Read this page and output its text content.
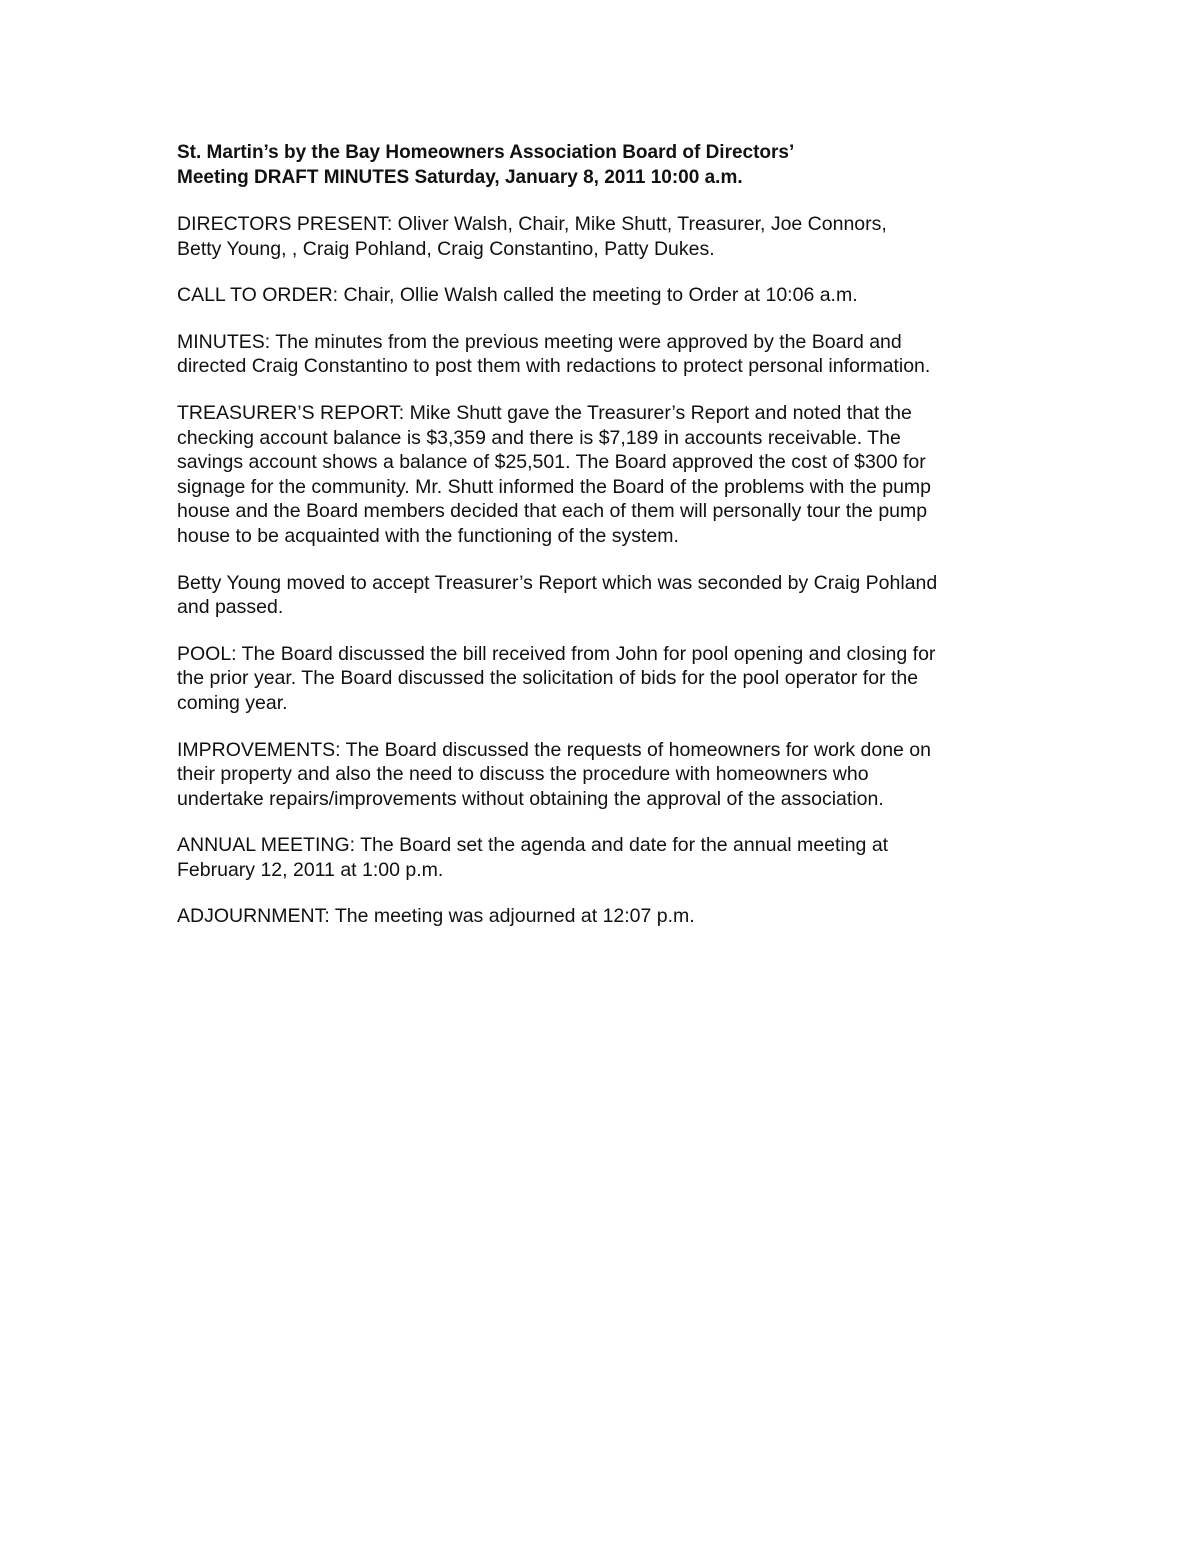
St. Martin’s by the Bay Homeowners Association Board of Directors’
Meeting DRAFT MINUTES Saturday, January 8, 2011 10:00 a.m.

DIRECTORS PRESENT: Oliver Walsh, Chair, Mike Shutt, Treasurer, Joe Connors,
Betty Young, , Craig Pohland, Craig Constantino, Patty Dukes.

CALL TO ORDER: Chair, Ollie Walsh called the meeting to Order at 10:06 a.m.

MINUTES: The minutes from the previous meeting were approved by the Board and
directed Craig Constantino to post them with redactions to protect personal information.

TREASURER’S REPORT: Mike Shutt gave the Treasurer’s Report and noted that the
checking account balance is $3,359 and there is $7,189 in accounts receivable. The
savings account shows a balance of $25,501. The Board approved the cost of $300 for
signage for the community. Mr. Shutt informed the Board of the problems with the pump
house and the Board members decided that each of them will personally tour the pump
house to be acquainted with the functioning of the system.

Betty Young moved to accept Treasurer’s Report which was seconded by Craig Pohland
and passed.

POOL: The Board discussed the bill received from John for pool opening and closing for
the prior year. The Board discussed the solicitation of bids for the pool operator for the
coming year.

IMPROVEMENTS: The Board discussed the requests of homeowners for work done on
their property and also the need to discuss the procedure with homeowners who
undertake repairs/improvements without obtaining the approval of the association.

ANNUAL MEETING: The Board set the agenda and date for the annual meeting at
February 12, 2011 at 1:00 p.m.

ADJOURNMENT: The meeting was adjourned at 12:07 p.m.
